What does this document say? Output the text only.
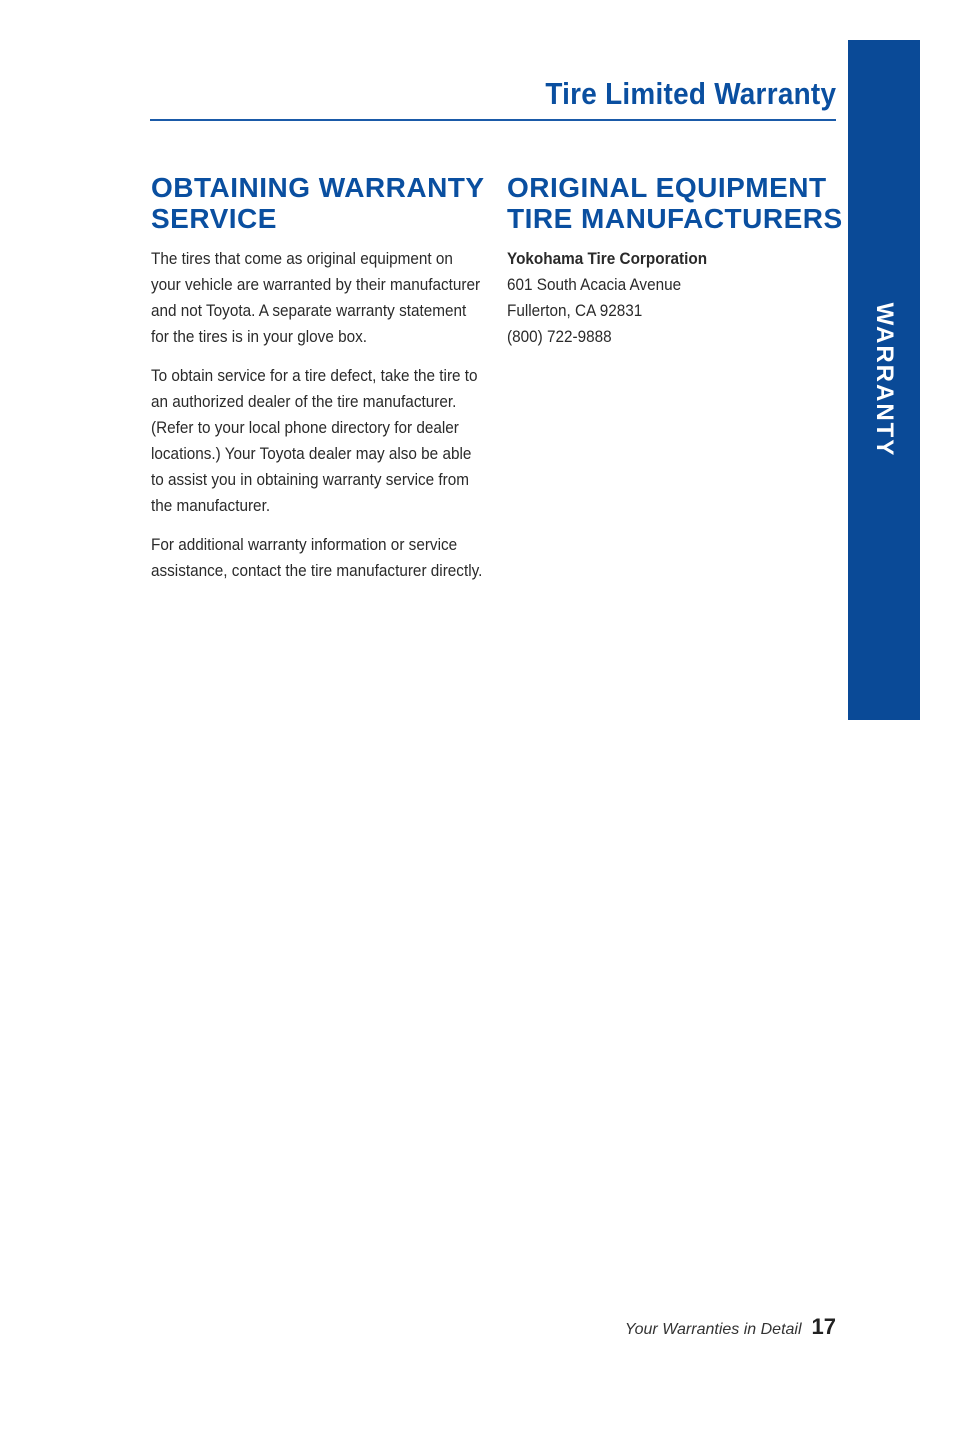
Tire Limited Warranty
WARRANTY
OBTAINING WARRANTY
SERVICE

The tires that come as original equipment on your vehicle are warranted by their manufacturer and not Toyota. A separate warranty statement for the tires is in your glove box.

To obtain service for a tire defect, take the tire to an authorized dealer of the tire manufacturer. (Refer to your local phone directory for dealer locations.) Your Toyota dealer may also be able to assist you in obtaining warranty service from the manufacturer.

For additional warranty information or service assistance, contact the tire manufacturer directly.

ORIGINAL EQUIPMENT
TIRE MANUFACTURERS
Yokohama Tire Corporation
601 South Acacia Avenue
Fullerton, CA 92831
(800) 722-9888
Your Warranties in Detail 17
